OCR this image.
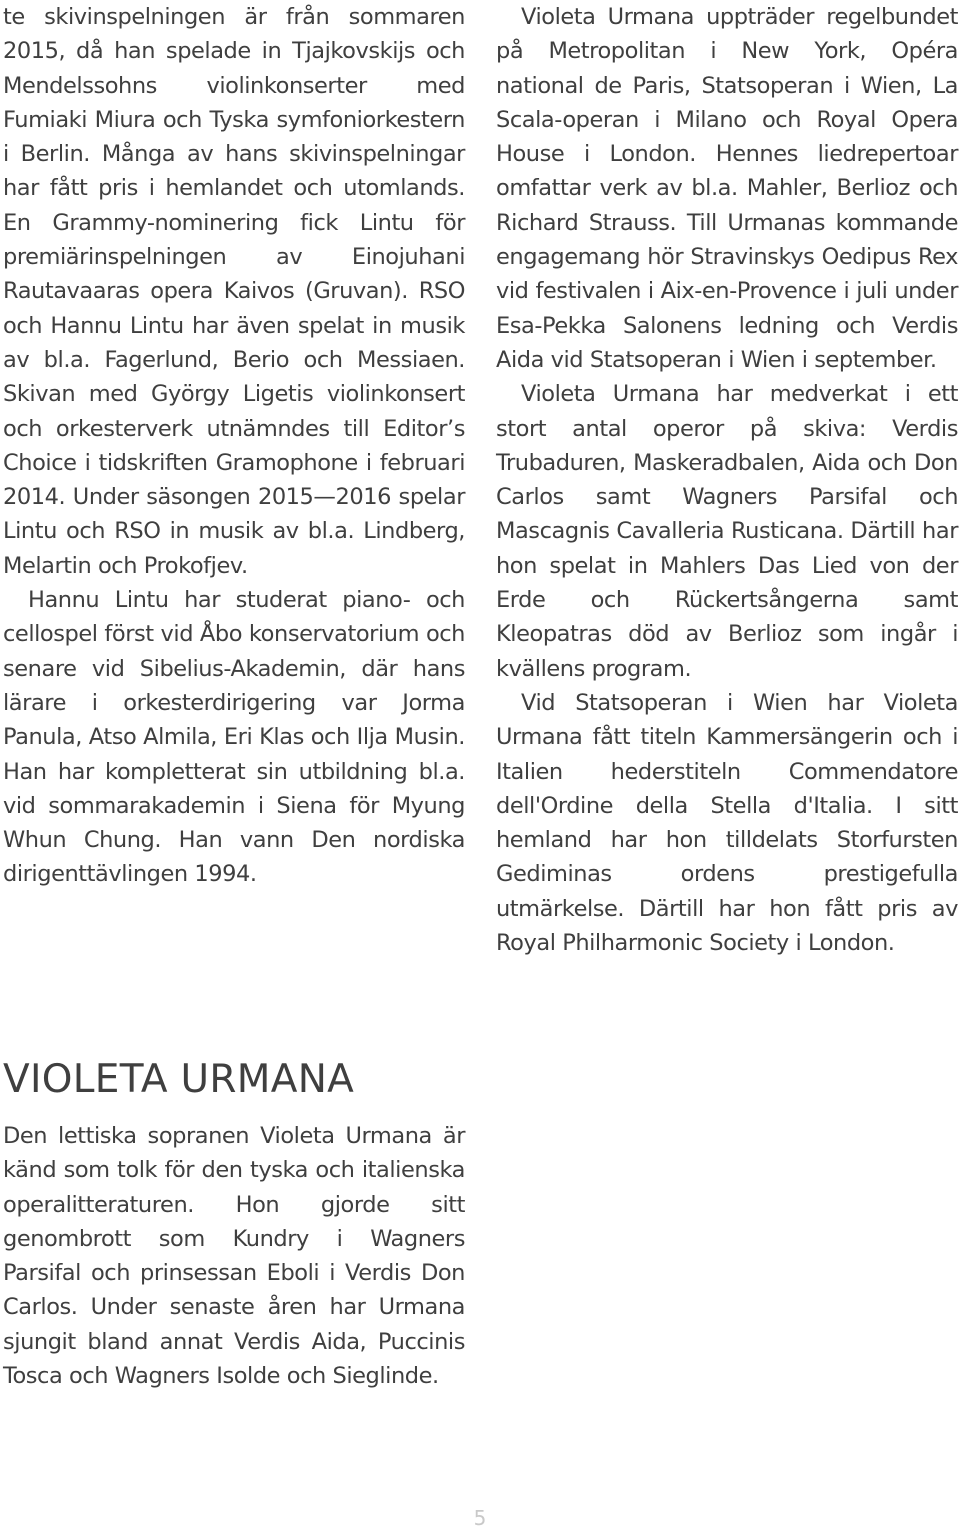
te skivinspelningen är från sommaren 2015, då han spelade in Tjajkovskijs och Mendelssohns violinkonserter med Fumiaki Miura och Tyska symfoniorkestern i Berlin. Många av hans skivinspelningar har fått pris i hemlandet och utomlands. En Grammy-nominering fick Lintu för premiärinspelningen av Einojuhani Rautavaaras opera Kaivos (Gruvan). RSO och Hannu Lintu har även spelat in musik av bl.a. Fagerlund, Berio och Messiaen. Skivan med György Ligetis violinkonsert och orkesterverk utnämndes till Editor’s Choice i tidskriften Gramophone i februari 2014. Under säsongen 2015—2016 spelar Lintu och RSO in musik av bl.a. Lindberg, Melartin och Prokofjev.

Hannu Lintu har studerat piano- och cellospel först vid Åbo konservatorium och senare vid Sibelius-Akademin, där hans lärare i orkesterdirigering var Jorma Panula, Atso Almila, Eri Klas och Ilja Musin. Han har kompletterat sin utbildning bl.a. vid sommarakademin i Siena för Myung Whun Chung. Han vann Den nordiska dirigenttävlingen 1994.

Violeta Urmana uppträder regelbundet på Metropolitan i New York, Opéra national de Paris, Statsoperan i Wien, La Scala-operan i Milano och Royal Opera House i London. Hennes liedrepertoar omfattar verk av bl.a. Mahler, Berlioz och Richard Strauss. Till Urmanas kommande engagemang hör Stravinskys Oedipus Rex vid festivalen i Aix-en-Provence i juli under Esa-Pekka Salonens ledning och Verdis Aida vid Statsoperan i Wien i september.

Violeta Urmana har medverkat i ett stort antal operor på skiva: Verdis Trubaduren, Maskeradbalen, Aida och Don Carlos samt Wagners Parsifal och Mascagnis Cavalleria Rusticana. Därtill har hon spelat in Mahlers Das Lied von der Erde och Rückertsångerna samt Kleopatras död av Berlioz som ingår i kvällens program.

Vid Statsoperan i Wien har Violeta Urmana fått titeln Kammersängerin och i Italien hederstiteln Commendatore dell'Ordine della Stella d'Italia. I sitt hemland har hon tilldelats Storfursten Gediminas ordens prestigefulla utmärkelse. Därtill har hon fått pris av Royal Philharmonic Society i London.

VIOLETA URMANA

Den lettiska sopranen Violeta Urmana är känd som tolk för den tyska och italienska operalitteraturen. Hon gjorde sitt genombrott som Kundry i Wagners Parsifal och prinsessan Eboli i Verdis Don Carlos. Under senaste åren har Urmana sjungit bland annat Verdis Aida, Puccinis Tosca och Wagners Isolde och Sieglinde.

5
